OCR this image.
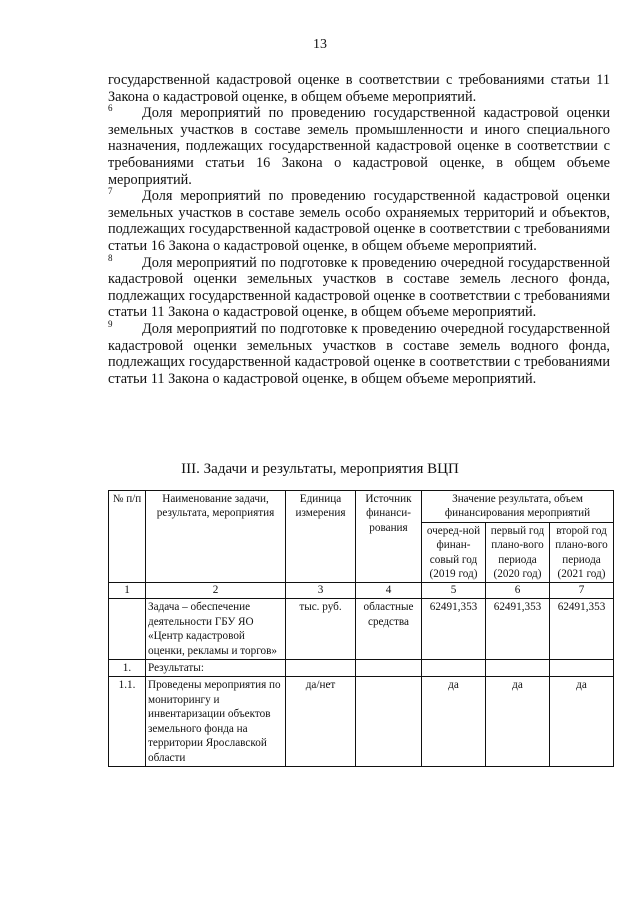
13

государственной кадастровой оценке в соответствии с требованиями статьи 11 Закона о кадастровой оценке, в общем объеме мероприятий.

$^6$ Доля мероприятий по проведению государственной кадастровой оценки земельных участков в составе земель промышленности и иного специального назначения, подлежащих государственной кадастровой оценке в соответствии с требованиями статьи 16 Закона о кадастровой оценке, в общем объеме мероприятий.

$^7$ Доля мероприятий по проведению государственной кадастровой оценки земельных участков в составе земель особо охраняемых территорий и объектов, подлежащих государственной кадастровой оценке в соответствии с требованиями статьи 16 Закона о кадастровой оценке, в общем объеме мероприятий.

$^8$ Доля мероприятий по подготовке к проведению очередной государственной кадастровой оценки земельных участков в составе земель лесного фонда, подлежащих государственной кадастровой оценке в соответствии с требованиями статьи 11 Закона о кадастровой оценке, в общем объеме мероприятий.

$^9$ Доля мероприятий по подготовке к проведению очередной государственной кадастровой оценки земельных участков в составе земель водного фонда, подлежащих государственной кадастровой оценке в соответствии с требованиями статьи 11 Закона о кадастровой оценке, в общем объеме мероприятий.

III. Задачи и результаты, мероприятия ВЦП
№ п/п	Наименование задачи, результата, мероприятия	Единица измерения	Источник финанси-рования	Значение результата, объем финансирования мероприятий		
				очеред-ной финан-совый год (2019 год)	первый год плано-вого периода (2020 год)	второй год плано-вого периода (2021 год)
1	2	3	4	5	6	7
	Задача – обеспечение деятельности ГБУ ЯО «Центр кадастровой оценки, рекламы и торгов»	тыс. руб.	областные средства	62491,353	62491,353	62491,353
1.	Результаты:					
1.1.	Проведены мероприятия по мониторингу и инвентаризации объектов земельного фонда на территории Ярославской области	да/нет		да	да	да
